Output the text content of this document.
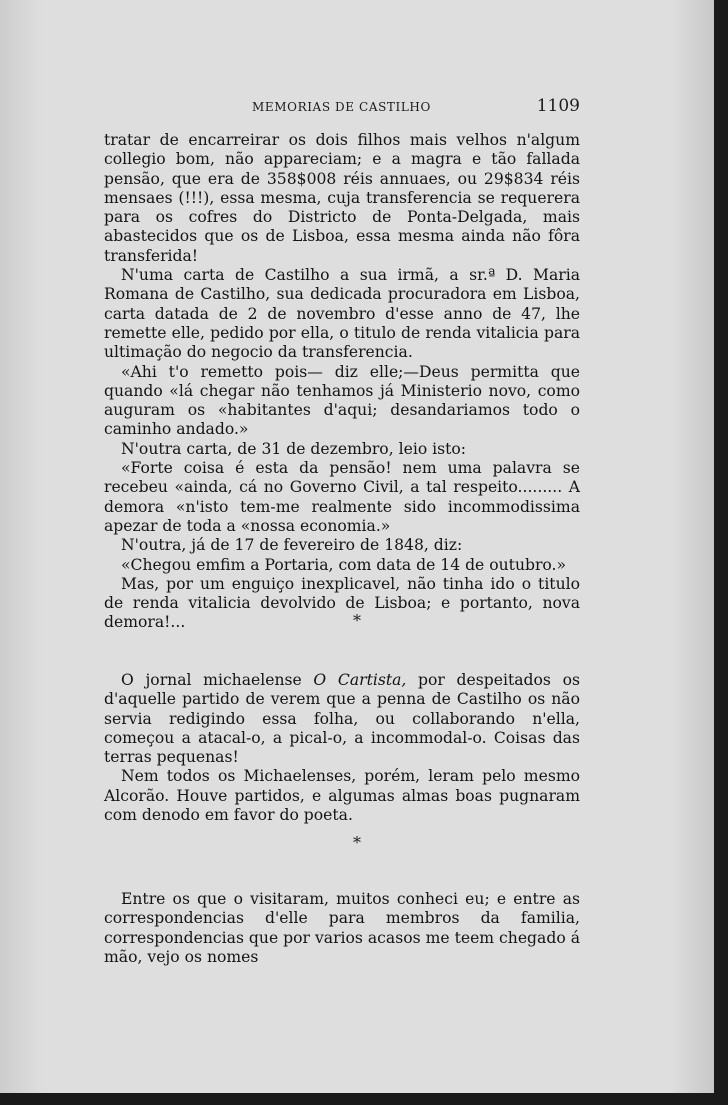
MEMORIAS DE CASTILHO	1109

tratar de encarreirar os dois filhos mais velhos n'algum collegio bom, não appareciam; e a magra e tão fallada pensão, que era de 358$008 réis annuaes, ou 29$834 réis mensaes (!!!), essa mesma, cuja transferencia se requerera para os cofres do Districto de Ponta-Delgada, mais abastecidos que os de Lisboa, essa mesma ainda não fôra transferida!

N'uma carta de Castilho a sua irmã, a sr.ª D. Maria Romana de Castilho, sua dedicada procuradora em Lisboa, carta datada de 2 de novembro d'esse anno de 47, lhe remette elle, pedido por ella, o titulo de renda vitalicia para ultimação do negocio da transferencia.

«Ahi t'o remetto pois— diz elle;—Deus permitta que quando «lá chegar não tenhamos já Ministerio novo, como auguram os «habitantes d'aqui; desandariamos todo o caminho andado.»

N'outra carta, de 31 de dezembro, leio isto:

«Forte coisa é esta da pensão! nem uma palavra se recebeu «ainda, cá no Governo Civil, a tal respeito......... A demora «n'isto tem-me realmente sido incommodissima apezar de toda a «nossa economia.»

N'outra, já de 17 de fevereiro de 1848, diz:

«Chegou emfim a Portaria, com data de 14 de outubro.»

Mas, por um enguiço inexplicavel, não tinha ido o titulo de renda vitalicia devolvido de Lisboa; e portanto, nova demora!...	*

O jornal michaelense O Cartista, por despeitados os d'aquelle partido de verem que a penna de Castilho os não servia redigindo essa folha, ou collaborando n'ella, começou a atacal-o, a pical-o, a incommodal-o. Coisas das terras pequenas!

Nem todos os Michaelenses, porém, leram pelo mesmo Alcorão. Houve partidos, e algumas almas boas pugnaram com denodo em favor do poeta.

*

Entre os que o visitaram, muitos conheci eu; e entre as correspondencias d'elle para membros da familia, correspondencias que por varios acasos me teem chegado á mão, vejo os nomes
